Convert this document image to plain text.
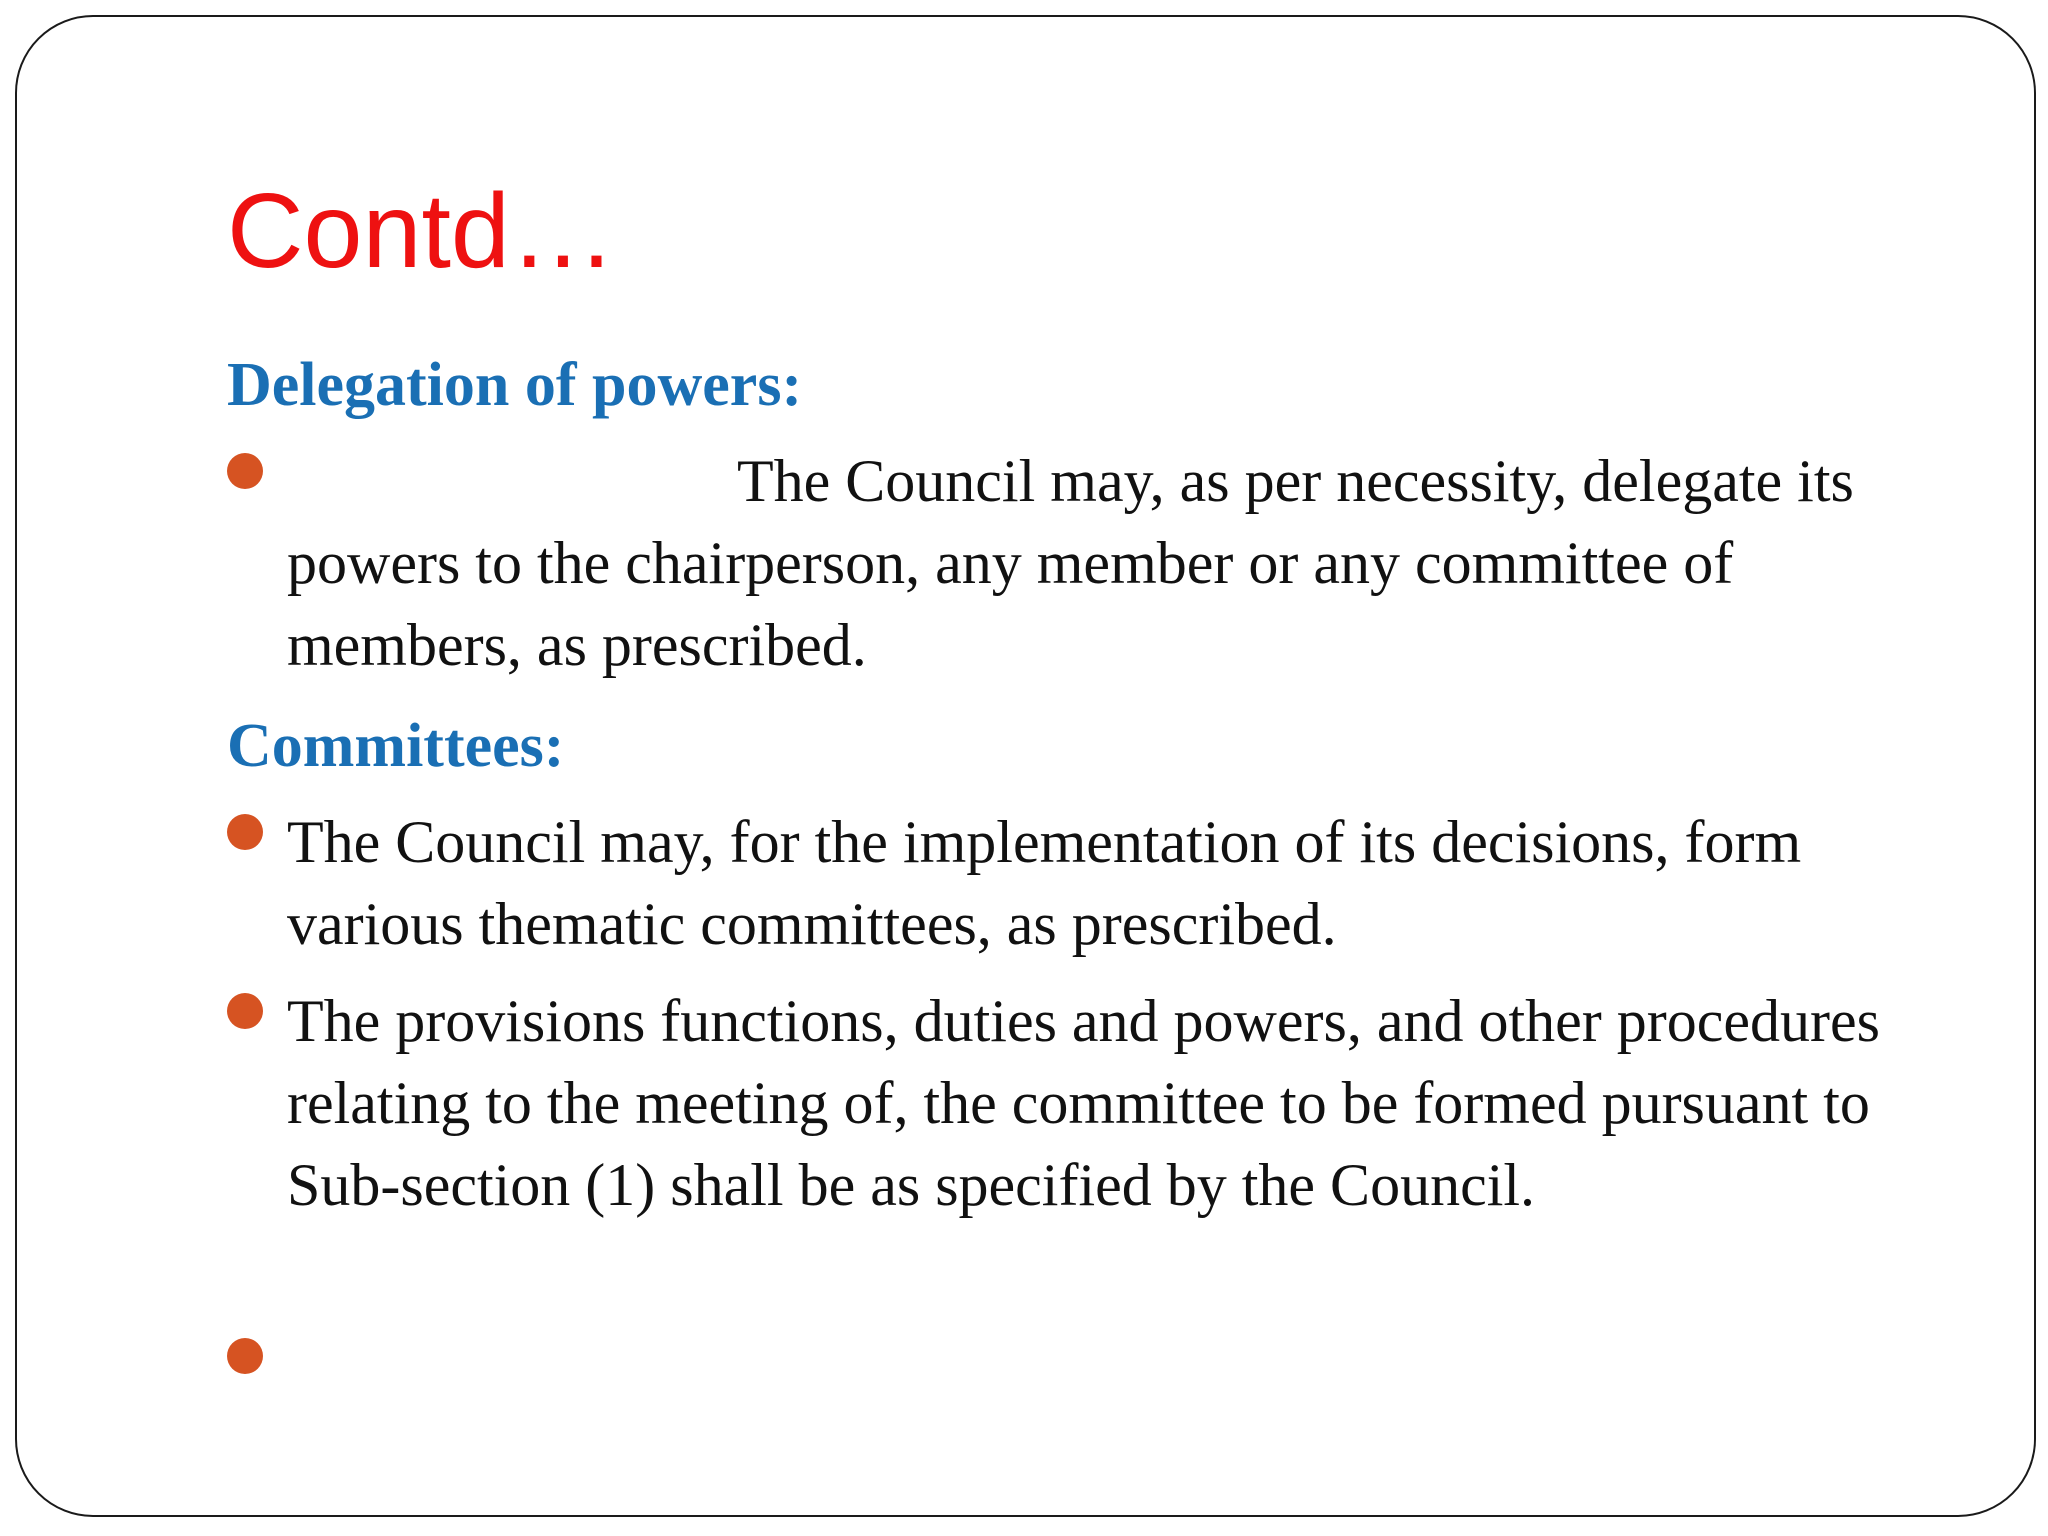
Contd…
Delegation of powers:

The Council may, as per necessity, delegate its powers to the chairperson, any member or any committee of members, as prescribed.

Committees:

The Council may, for the implementation of its decisions, form various thematic committees, as prescribed.

The provisions functions, duties and powers, and other procedures relating to the meeting of, the committee to be formed pursuant to Sub-section (1) shall be as specified by the Council.
